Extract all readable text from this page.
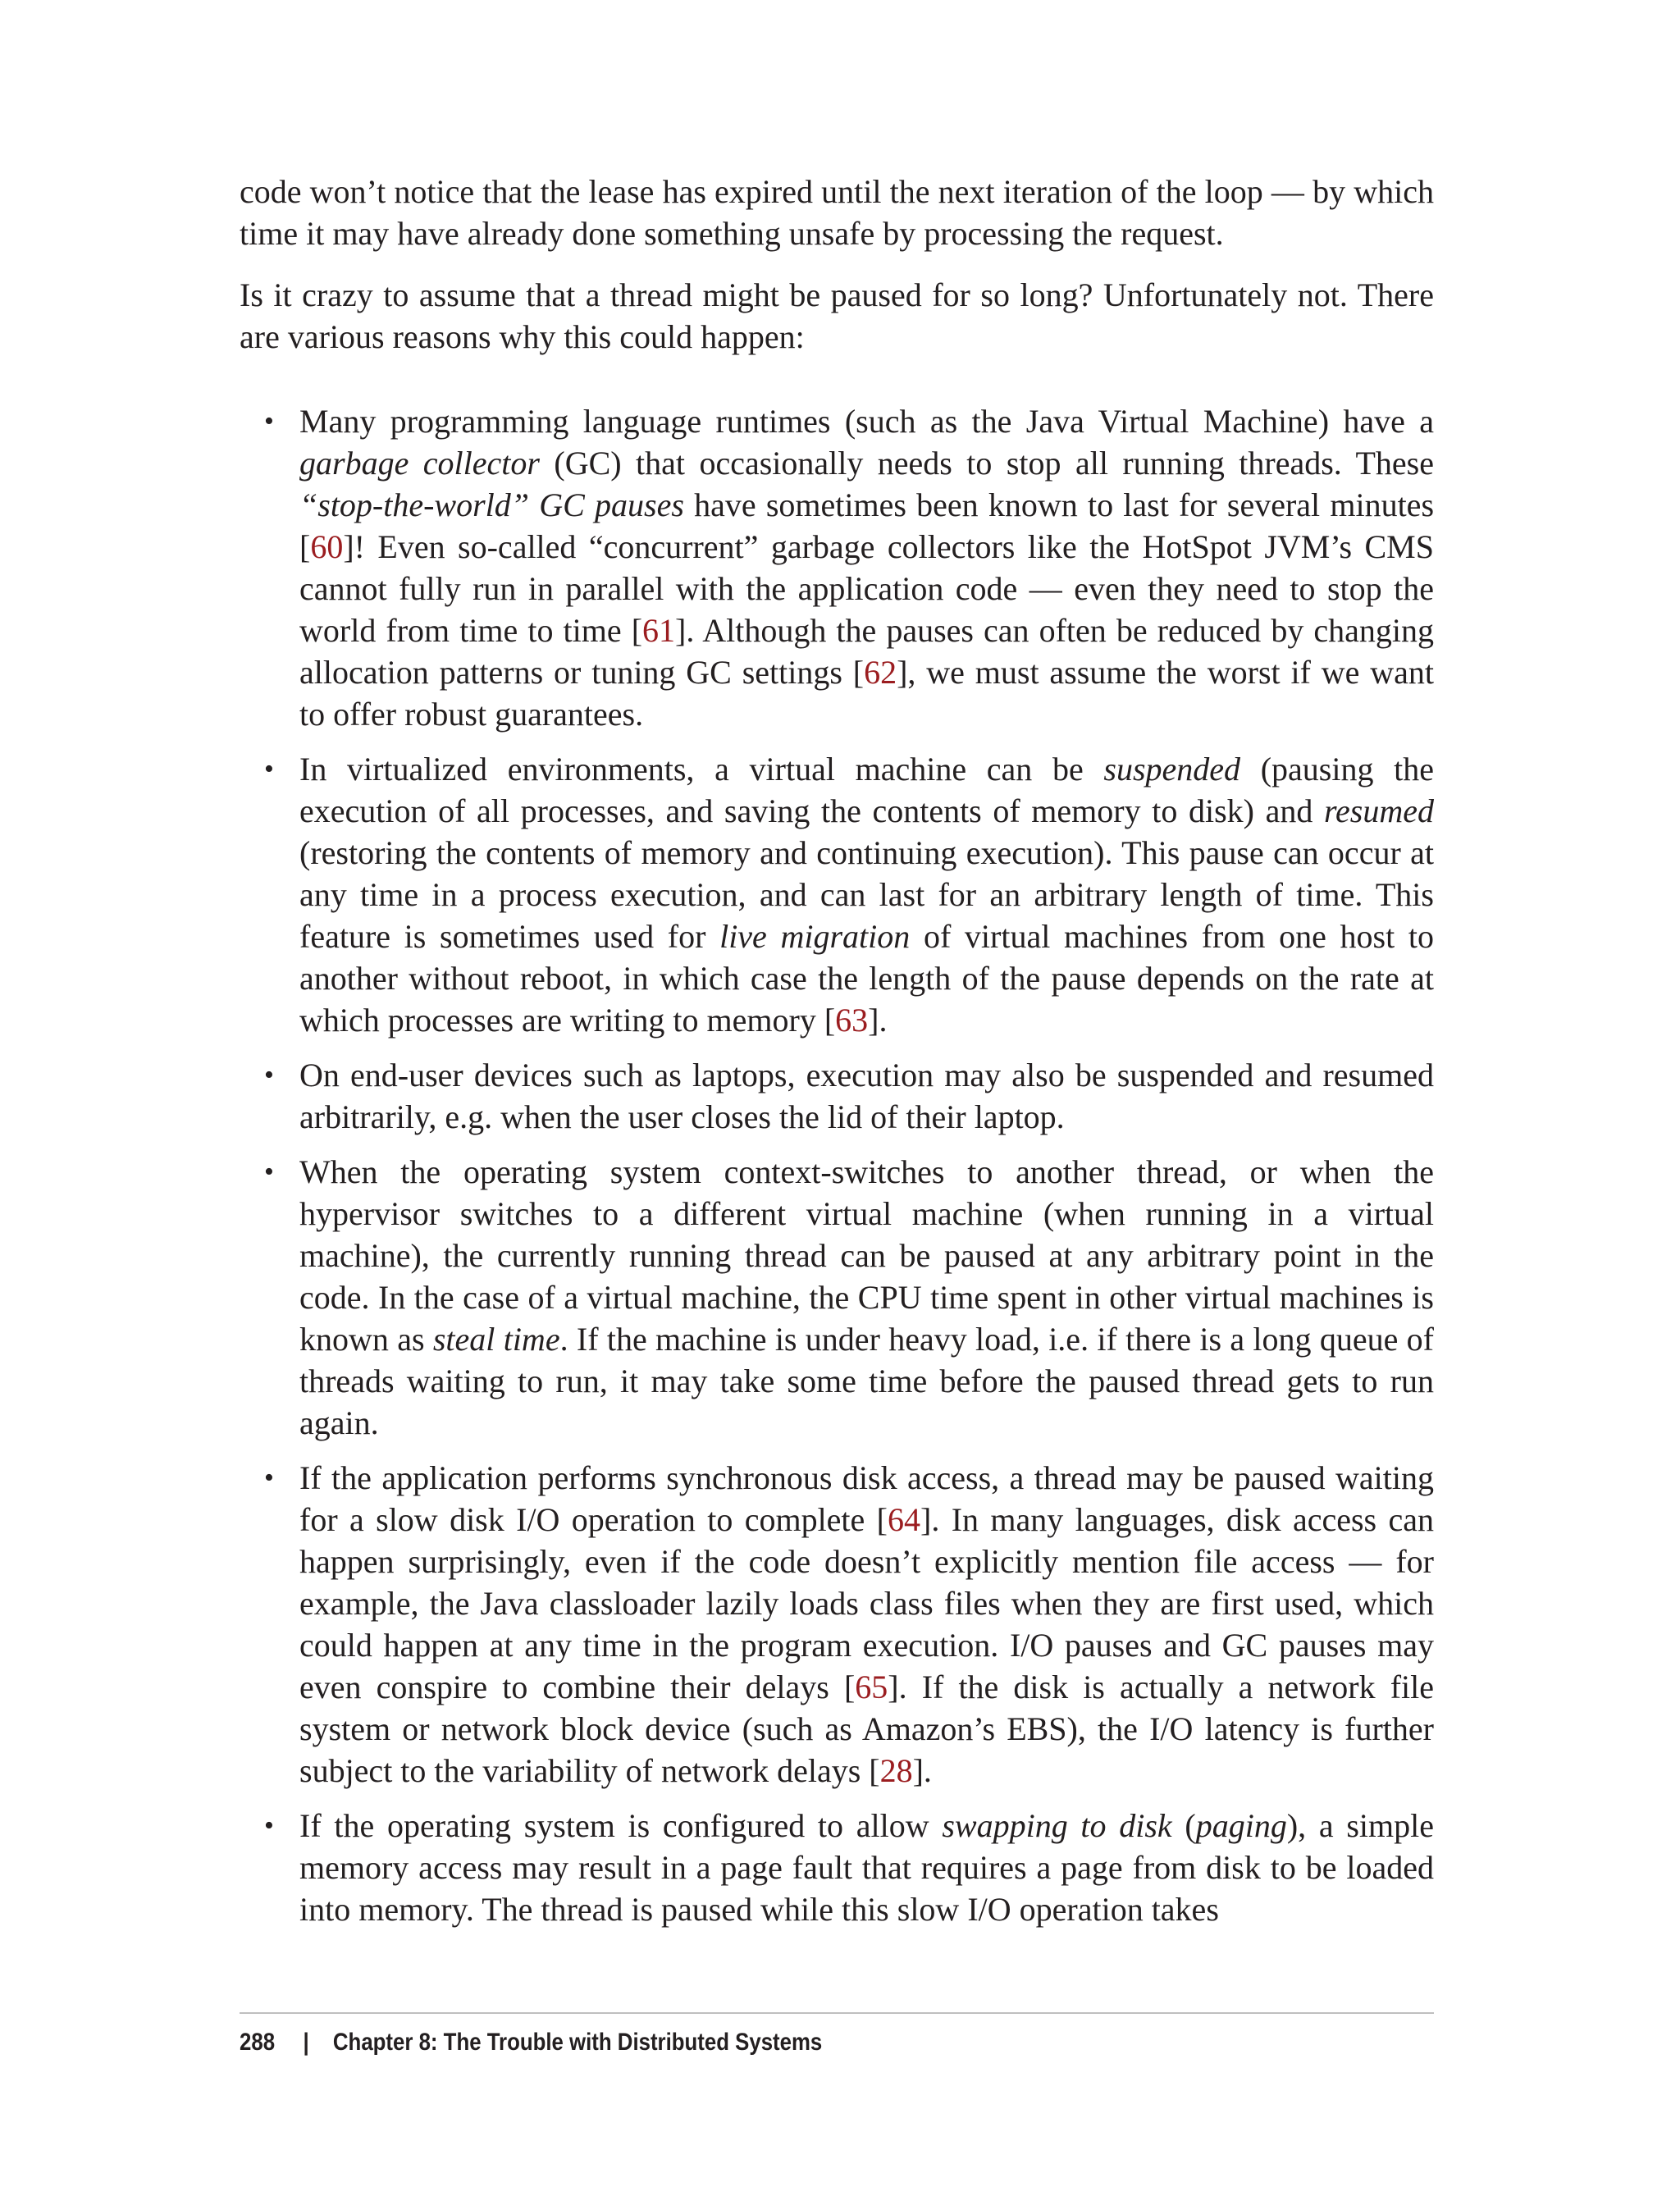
code won’t notice that the lease has expired until the next iteration of the loop — by which time it may have already done something unsafe by processing the request.

Is it crazy to assume that a thread might be paused for so long? Unfortunately not. There are various reasons why this could happen:

• Many programming language runtimes (such as the Java Virtual Machine) have a garbage collector (GC) that occasionally needs to stop all running threads. These “stop-the-world” GC pauses have sometimes been known to last for several minutes [60]! Even so-called “concurrent” garbage collectors like the HotSpot JVM’s CMS cannot fully run in parallel with the application code — even they need to stop the world from time to time [61]. Although the pauses can often be reduced by changing allocation patterns or tuning GC settings [62], we must assume the worst if we want to offer robust guarantees.
• In virtualized environments, a virtual machine can be suspended (pausing the execution of all processes, and saving the contents of memory to disk) and resumed (restoring the contents of memory and continuing execution). This pause can occur at any time in a process execution, and can last for an arbitrary length of time. This feature is sometimes used for live migration of virtual machines from one host to another without reboot, in which case the length of the pause depends on the rate at which processes are writing to memory [63].
• On end-user devices such as laptops, execution may also be suspended and resumed arbitrarily, e.g. when the user closes the lid of their laptop.
• When the operating system context-switches to another thread, or when the hypervisor switches to a different virtual machine (when running in a virtual machine), the currently running thread can be paused at any arbitrary point in the code. In the case of a virtual machine, the CPU time spent in other virtual machines is known as steal time. If the machine is under heavy load, i.e. if there is a long queue of threads waiting to run, it may take some time before the paused thread gets to run again.
• If the application performs synchronous disk access, a thread may be paused waiting for a slow disk I/O operation to complete [64]. In many languages, disk access can happen surprisingly, even if the code doesn’t explicitly mention file access — for example, the Java classloader lazily loads class files when they are first used, which could happen at any time in the program execution. I/O pauses and GC pauses may even conspire to combine their delays [65]. If the disk is actually a network file system or network block device (such as Amazon’s EBS), the I/O latency is further subject to the variability of network delays [28].
• If the operating system is configured to allow swapping to disk (paging), a simple memory access may result in a page fault that requires a page from disk to be loaded into memory. The thread is paused while this slow I/O operation takes
288 | Chapter 8: The Trouble with Distributed Systems
